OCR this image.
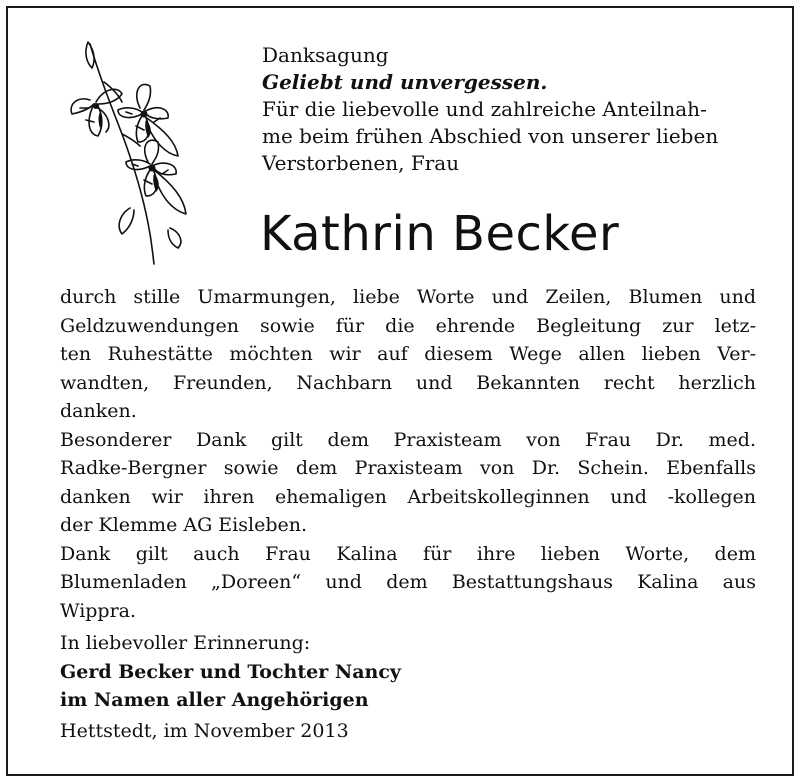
Danksagung
Geliebt und unvergessen.
Für die liebevolle und zahlreiche Anteilnah-
me beim frühen Abschied von unserer lieben
Verstorbenen, Frau
Kathrin Becker
durch stille Umarmungen, liebe Worte und Zeilen, Blumen und
Geldzuwendungen sowie für die ehrende Begleitung zur letz-
ten Ruhestätte möchten wir auf diesem Wege allen lieben Ver-
wandten, Freunden, Nachbarn und Bekannten recht herzlich
danken.
Besonderer Dank gilt dem Praxisteam von Frau Dr. med.
Radke-Bergner sowie dem Praxisteam von Dr. Schein. Ebenfalls
danken wir ihren ehemaligen Arbeitskolleginnen und -kollegen
der Klemme AG Eisleben.
Dank gilt auch Frau Kalina für ihre lieben Worte, dem
Blumenladen „Doreen“ und dem Bestattungshaus Kalina aus
Wippra.
In liebevoller Erinnerung:
Gerd Becker und Tochter Nancy
im Namen aller Angehörigen
Hettstedt, im November 2013
